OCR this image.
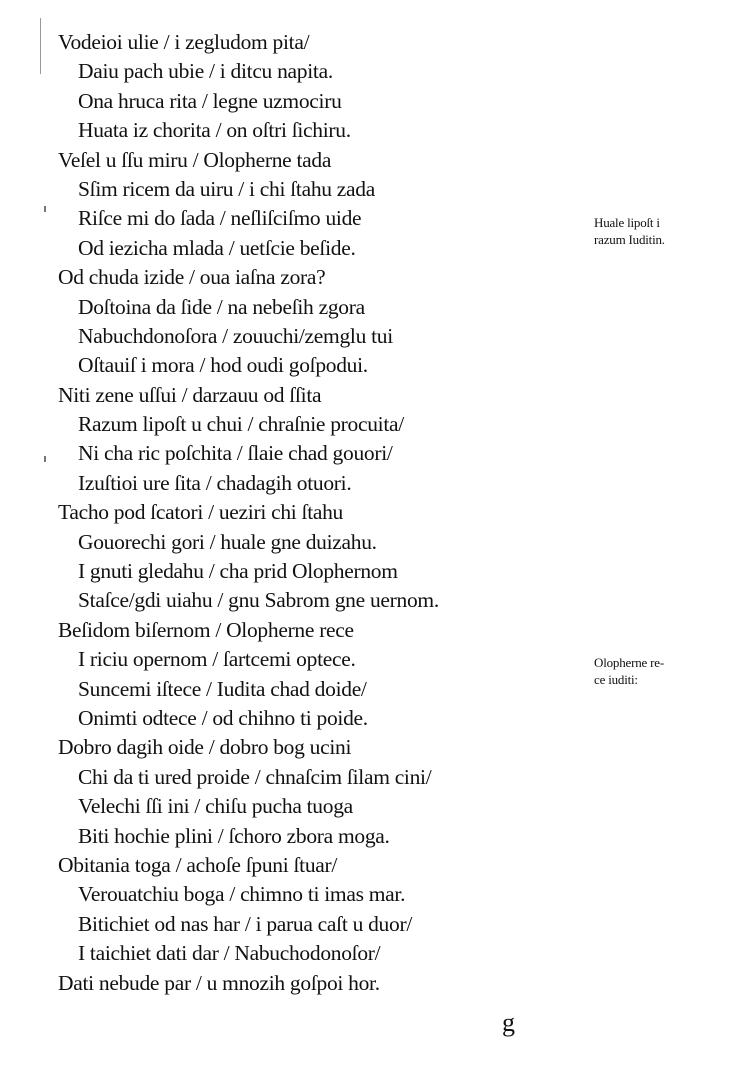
Vodeioi ulie / i zegludom pita/
Daiu pach ubie / i ditcu napita.
Ona hruca rita / legne uzmociru
Huata iz chorita / on oſtri ſichiru.
Veſel u ſſu miru / Olopherne tada
Sſim ricem da uiru / i chi ſtahu zada
Riſce mi do ſada / neſliſciſmo uide
Od iezicha mlada / uetſcie beſide.
Od chuda izide / oua iaſna zora?
Doſtoina da ſide / na nebeſih zgora
Nabuchdonoſora / zouuchi/zemglu tui
Oſtauiſ i mora / hod oudi goſpodui.
Niti zene uſſui / darzauu od ſſita
Razum lipoſt u chui / chraſnie procuita/
Ni cha ric poſchita / ſlaie chad gouori/
Izuſtioi ure ſita / chadagih otuori.
Tacho pod ſcatori / ueziri chi ſtahu
Gouorechi gori / huale gne duizahu.
I gnuti gledahu / cha prid Olophernom
Staſce/gdi uiahu / gnu Sabrom gne uernom.
Beſidom biſernom / Olopherne rece
I riciu opernom / ſartcemi optece.
Suncemi iſtece / Iudita chad doide/
Onimti odtece / od chihno ti poide.
Dobro dagih oide / dobro bog ucini
Chi da ti ured proide / chnaſcim ſilam cini/
Velechi ſſi ini / chiſu pucha tuoga
Biti hochie plini / ſchoro zbora moga.
Obitania toga / achoſe ſpuni ſtuar/
Verouatchiu boga / chimno ti imas mar.
Bitichiet od nas har / i parua caſt u duor/
I taichiet dati dar / Nabuchodonoſor/
Dati nebude par / u mnozih goſpoi hor.
Huale lipoſt i
razum Iuditin.
Olopherne re-
ce iuditi:
g
